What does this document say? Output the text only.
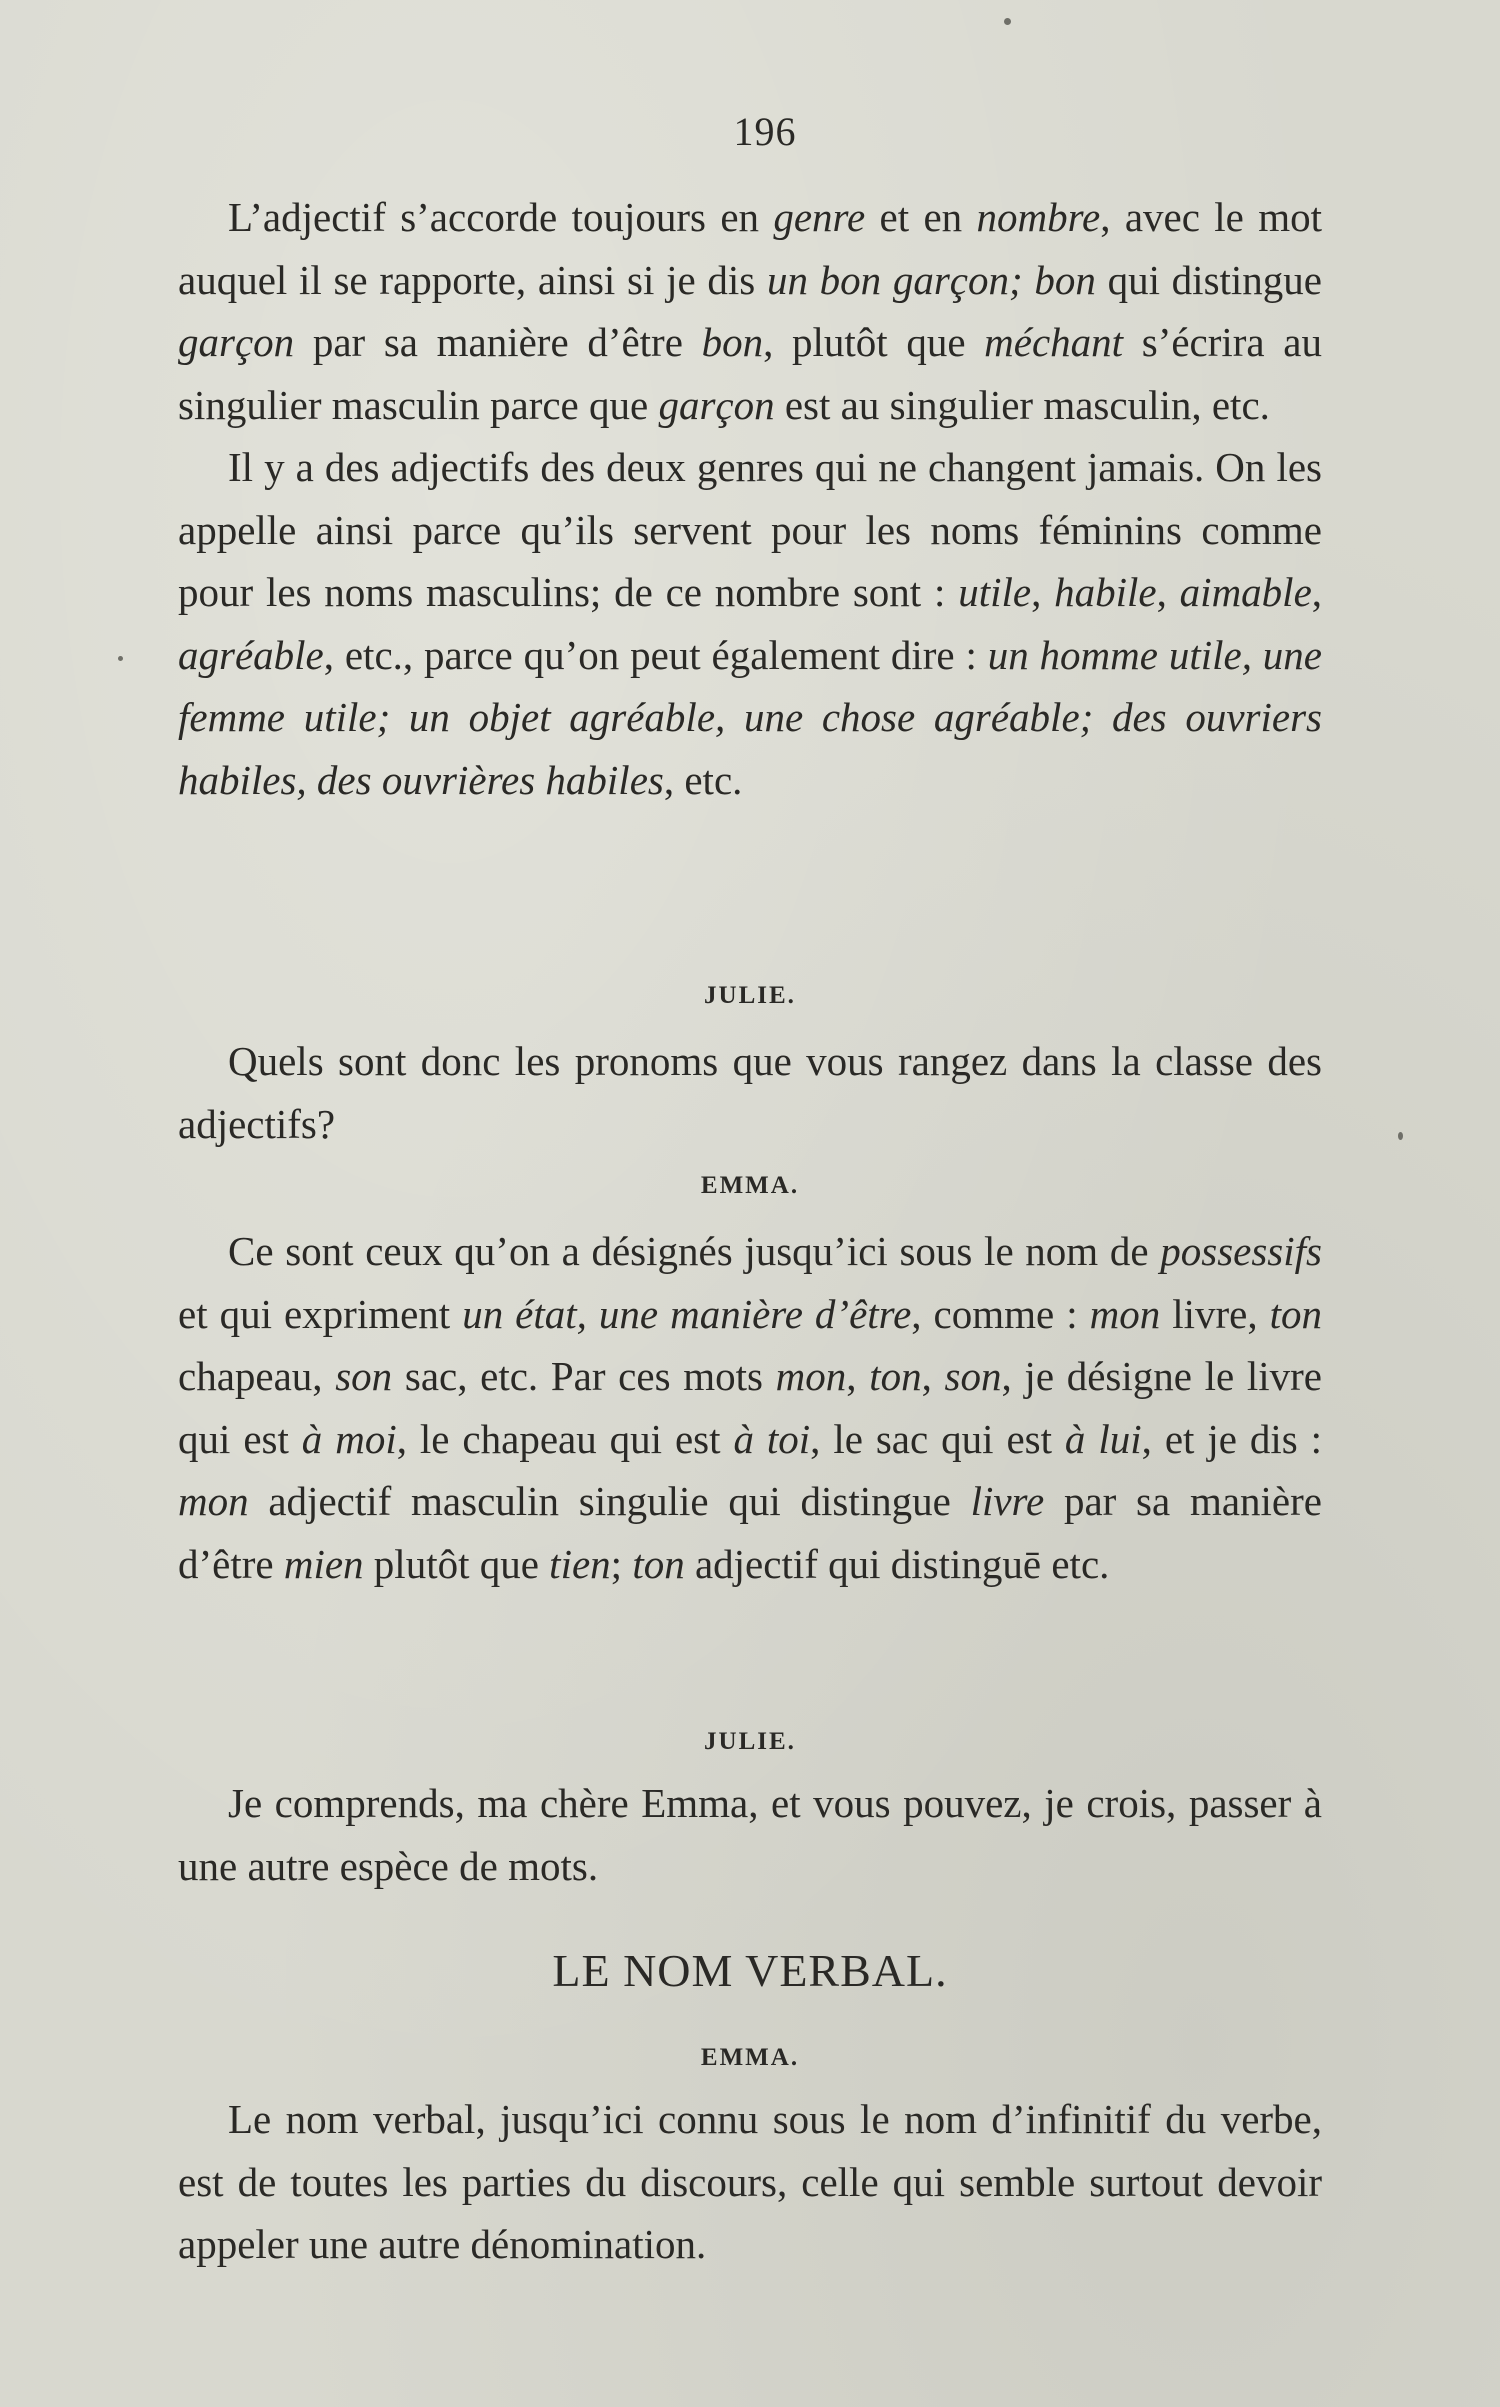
196

L’adjectif s’accorde toujours en genre et en nombre, avec le mot auquel il se rapporte, ainsi si je dis un bon garçon; bon qui distingue garçon par sa manière d’être bon, plutôt que méchant s’écrira au singulier masculin parce que garçon est au singulier masculin, etc.

Il y a des adjectifs des deux genres qui ne changent jamais. On les appelle ainsi parce qu’ils servent pour les noms féminins comme pour les noms masculins; de ce nombre sont : utile, habile, aimable, agréable, etc., parce qu’on peut également dire : un homme utile, une femme utile; un objet agréable, une chose agréable; des ouvriers habiles, des ouvrières habiles, etc.

JULIE.

Quels sont donc les pronoms que vous rangez dans la classe des adjectifs?

EMMA.

Ce sont ceux qu’on a désignés jusqu’ici sous le nom de possessifs et qui expriment un état, une manière d’être, comme : mon livre, ton chapeau, son sac, etc. Par ces mots mon, ton, son, je désigne le livre qui est à moi, le chapeau qui est à toi, le sac qui est à lui, et je dis : mon adjectif masculin singulie qui distingue livre par sa manière d’être mien plutôt que tien; ton adjectif qui distinguē etc.

JULIE.

Je comprends, ma chère Emma, et vous pouvez, je crois, passer à une autre espèce de mots.

LE NOM VERBAL.
EMMA.

Le nom verbal, jusqu’ici connu sous le nom d’infinitif du verbe, est de toutes les parties du discours, celle qui semble surtout devoir appeler une autre dénomination.
